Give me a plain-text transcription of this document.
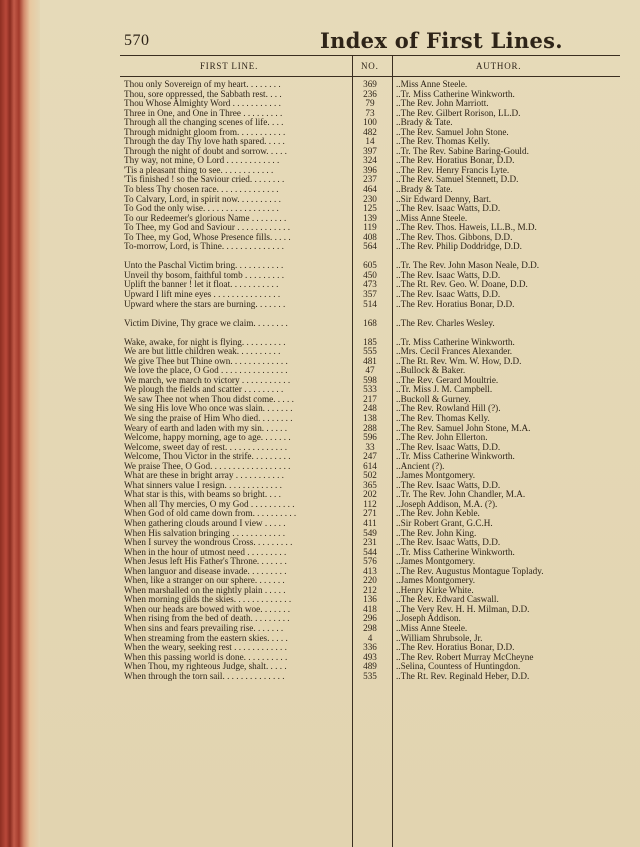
570	Index of First Lines.
FIRST LINE.	NO.	AUTHOR.
Thou only Sovereign of my heart. . . . . . . .	369	..Miss Anne Steele.
Thou, sore oppressed, the Sabbath rest. . . .	236	..Tr. Miss Catherine Winkworth.
Thou Whose Almighty Word . . . . . . . . . . .	79	..The Rev. John Marriott.
Three in One, and One in Three . . . . . . . . .	73	..The Rev. Gilbert Rorison, LL.D.
Through all the changing scenes of life. . . .	100	..Brady & Tate.
Through midnight gloom from. . . . . . . . . . .	482	..The Rev. Samuel John Stone.
Through the day Thy love hath spared. . . . .	14	..The Rev. Thomas Kelly.
Through the night of doubt and sorrow. . . . .	397	..Tr. The Rev. Sabine Baring-Gould.
Thy way, not mine, O Lord . . . . . . . . . . . .	324	..The Rev. Horatius Bonar, D.D.
'Tis a pleasant thing to see. . . . . . . . . . . .	396	..The Rev. Henry Francis Lyte.
'Tis finished ! so the Saviour cried. . . . . . . .	237	..The Rev. Samuel Stennett, D.D.
To bless Thy chosen race. . . . . . . . . . . . . .	464	..Brady & Tate.
To Calvary, Lord, in spirit now. . . . . . . . . .	230	..Sir Edward Denny, Bart.
To God the only wise. . . . . . . . . . . . . . . . .	125	..The Rev. Isaac Watts, D.D.
To our Redeemer's glorious Name . . . . . . . .	139	..Miss Anne Steele.
To Thee, my God and Saviour . . . . . . . . . . . .	119	..The Rev. Thos. Haweis, LL.B., M.D.
To Thee, my God, Whose Presence fills. . . . .	408	..The Rev. Thos. Gibbons, D.D.
To-morrow, Lord, is Thine. . . . . . . . . . . . . .	564	..The Rev. Philip Doddridge, D.D.
Unto the Paschal Victim bring. . . . . . . . . . .	605	..Tr. The Rev. John Mason Neale, D.D.
Unveil thy bosom, faithful tomb . . . . . . . . .	450	..The Rev. Isaac Watts, D.D.
Uplift the banner ! let it float. . . . . . . . . . .	473	..The Rt. Rev. Geo. W. Doane, D.D.
Upward I lift mine eyes . . . . . . . . . . . . . . .	357	..The Rev. Isaac Watts, D.D.
Upward where the stars are burning. . . . . . .	514	..The Rev. Horatius Bonar, D.D.
Victim Divine, Thy grace we claim. . . . . . . .	168	..The Rev. Charles Wesley.
Wake, awake, for night is flying. . . . . . . . . .	185	..Tr. Miss Catherine Winkworth.
We are but little children weak. . . . . . . . . .	555	..Mrs. Cecil Frances Alexander.
We give Thee but Thine own. . . . . . . . . . . . .	481	..The Rt. Rev. Wm. W. How, D.D.
We love the place, O God . . . . . . . . . . . . . . .	47	..Bullock & Baker.
We march, we march to victory . . . . . . . . . . .	598	..The Rev. Gerard Moultrie.
We plough the fields and scatter . . . . . . . . .	533	..Tr. Miss J. M. Campbell.
We saw Thee not when Thou didst come. . . . .	217	..Buckoll & Gurney.
We sing His love Who once was slain. . . . . . .	248	..The Rev. Rowland Hill (?).
We sing the praise of Him Who died. . . . . . . .	138	..The Rev. Thomas Kelly.
Weary of earth and laden with my sin. . . . . .	288	..The Rev. Samuel John Stone, M.A.
Welcome, happy morning, age to age. . . . . . .	596	..The Rev. John Ellerton.
Welcome, sweet day of rest. . . . . . . . . . . . . .	33	..The Rev. Isaac Watts, D.D.
Welcome, Thou Victor in the strife. . . . . . . . .	247	..Tr. Miss Catherine Winkworth.
We praise Thee, O God. . . . . . . . . . . . . . . . . .	614	..Ancient (?).
What are these in bright array . . . . . . . . . . .	502	..James Montgomery.
What sinners value I resign. . . . . . . . . . . . .	365	..The Rev. Isaac Watts, D.D.
What star is this, with beams so bright. . . .	202	..Tr. The Rev. John Chandler, M.A.
When all Thy mercies, O my God . . . . . . . . . .	112	..Joseph Addison, M.A. (?).
When God of old came down from. . . . . . . . . .	271	..The Rev. John Keble.
When gathering clouds around I view . . . . .	411	..Sir Robert Grant, G.C.H.
When His salvation bringing . . . . . . . . . . . .	549	..The Rev. John King.
When I survey the wondrous Cross. . . . . . . . .	231	..The Rev. Isaac Watts, D.D.
When in the hour of utmost need . . . . . . . . .	544	..Tr. Miss Catherine Winkworth.
When Jesus left His Father's Throne. . . . . . .	576	..James Montgomery.
When languor and disease invade. . . . . . . . .	413	..The Rev. Augustus Montague Toplady.
When, like a stranger on our sphere. . . . . . .	220	..James Montgomery.
When marshalled on the nightly plain . . . . .	212	..Henry Kirke White.
When morning gilds the skies. . . . . . . . . . . . .	136	..The Rev. Edward Caswall.
When our heads are bowed with woe. . . . . . .	418	..The Very Rev. H. H. Milman, D.D.
When rising from the bed of death. . . . . . . . .	296	..Joseph Addison.
When sins and fears prevailing rise. . . . . . .	298	..Miss Anne Steele.
When streaming from the eastern skies. . . . .	4	..William Shrubsole, Jr.
When the weary, seeking rest . . . . . . . . . . . .	336	..The Rev. Horatius Bonar, D.D.
When this passing world is done. . . . . . . . . .	493	..The Rev. Robert Murray McCheyne
When Thou, my righteous Judge, shalt. . . . .	489	..Selina, Countess of Huntingdon.
When through the torn sail. . . . . . . . . . . . . .	535	..The Rt. Rev. Reginald Heber, D.D.
